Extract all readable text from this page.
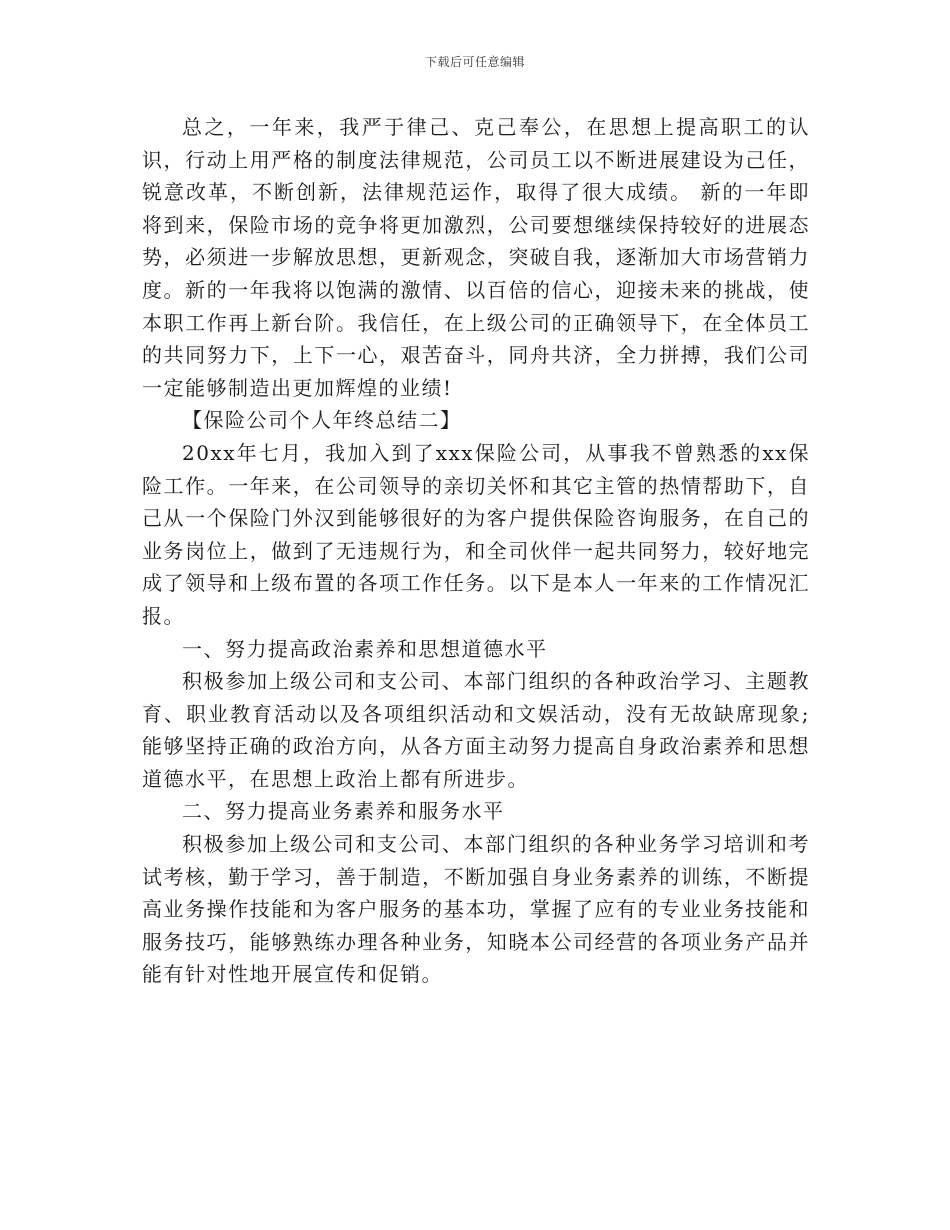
下载后可任意编辑

总之，一年来，我严于律己、克己奉公，在思想上提高职工的认识，行动上用严格的制度法律规范，公司员工以不断进展建设为己任，锐意改革，不断创新，法律规范运作，取得了很大成绩。 新的一年即将到来，保险市场的竞争将更加激烈，公司要想继续保持较好的进展态势，必须进一步解放思想，更新观念，突破自我，逐渐加大市场营销力度。新的一年我将以饱满的激情、以百倍的信心，迎接未来的挑战，使本职工作再上新台阶。我信任，在上级公司的正确领导下，在全体员工的共同努力下，上下一心，艰苦奋斗，同舟共济，全力拼搏，我们公司一定能够制造出更加辉煌的业绩!

【保险公司个人年终总结二】

20xx年七月，我加入到了xxx保险公司，从事我不曾熟悉的xx保险工作。一年来，在公司领导的亲切关怀和其它主管的热情帮助下，自己从一个保险门外汉到能够很好的为客户提供保险咨询服务，在自己的业务岗位上，做到了无违规行为，和全司伙伴一起共同努力，较好地完成了领导和上级布置的各项工作任务。以下是本人一年来的工作情况汇报。

一、努力提高政治素养和思想道德水平

积极参加上级公司和支公司、本部门组织的各种政治学习、主题教育、职业教育活动以及各项组织活动和文娱活动，没有无故缺席现象;能够坚持正确的政治方向，从各方面主动努力提高自身政治素养和思想道德水平，在思想上政治上都有所进步。

二、努力提高业务素养和服务水平

积极参加上级公司和支公司、本部门组织的各种业务学习培训和考试考核，勤于学习，善于制造，不断加强自身业务素养的训练，不断提高业务操作技能和为客户服务的基本功，掌握了应有的专业业务技能和服务技巧，能够熟练办理各种业务，知晓本公司经营的各项业务产品并能有针对性地开展宣传和促销。
